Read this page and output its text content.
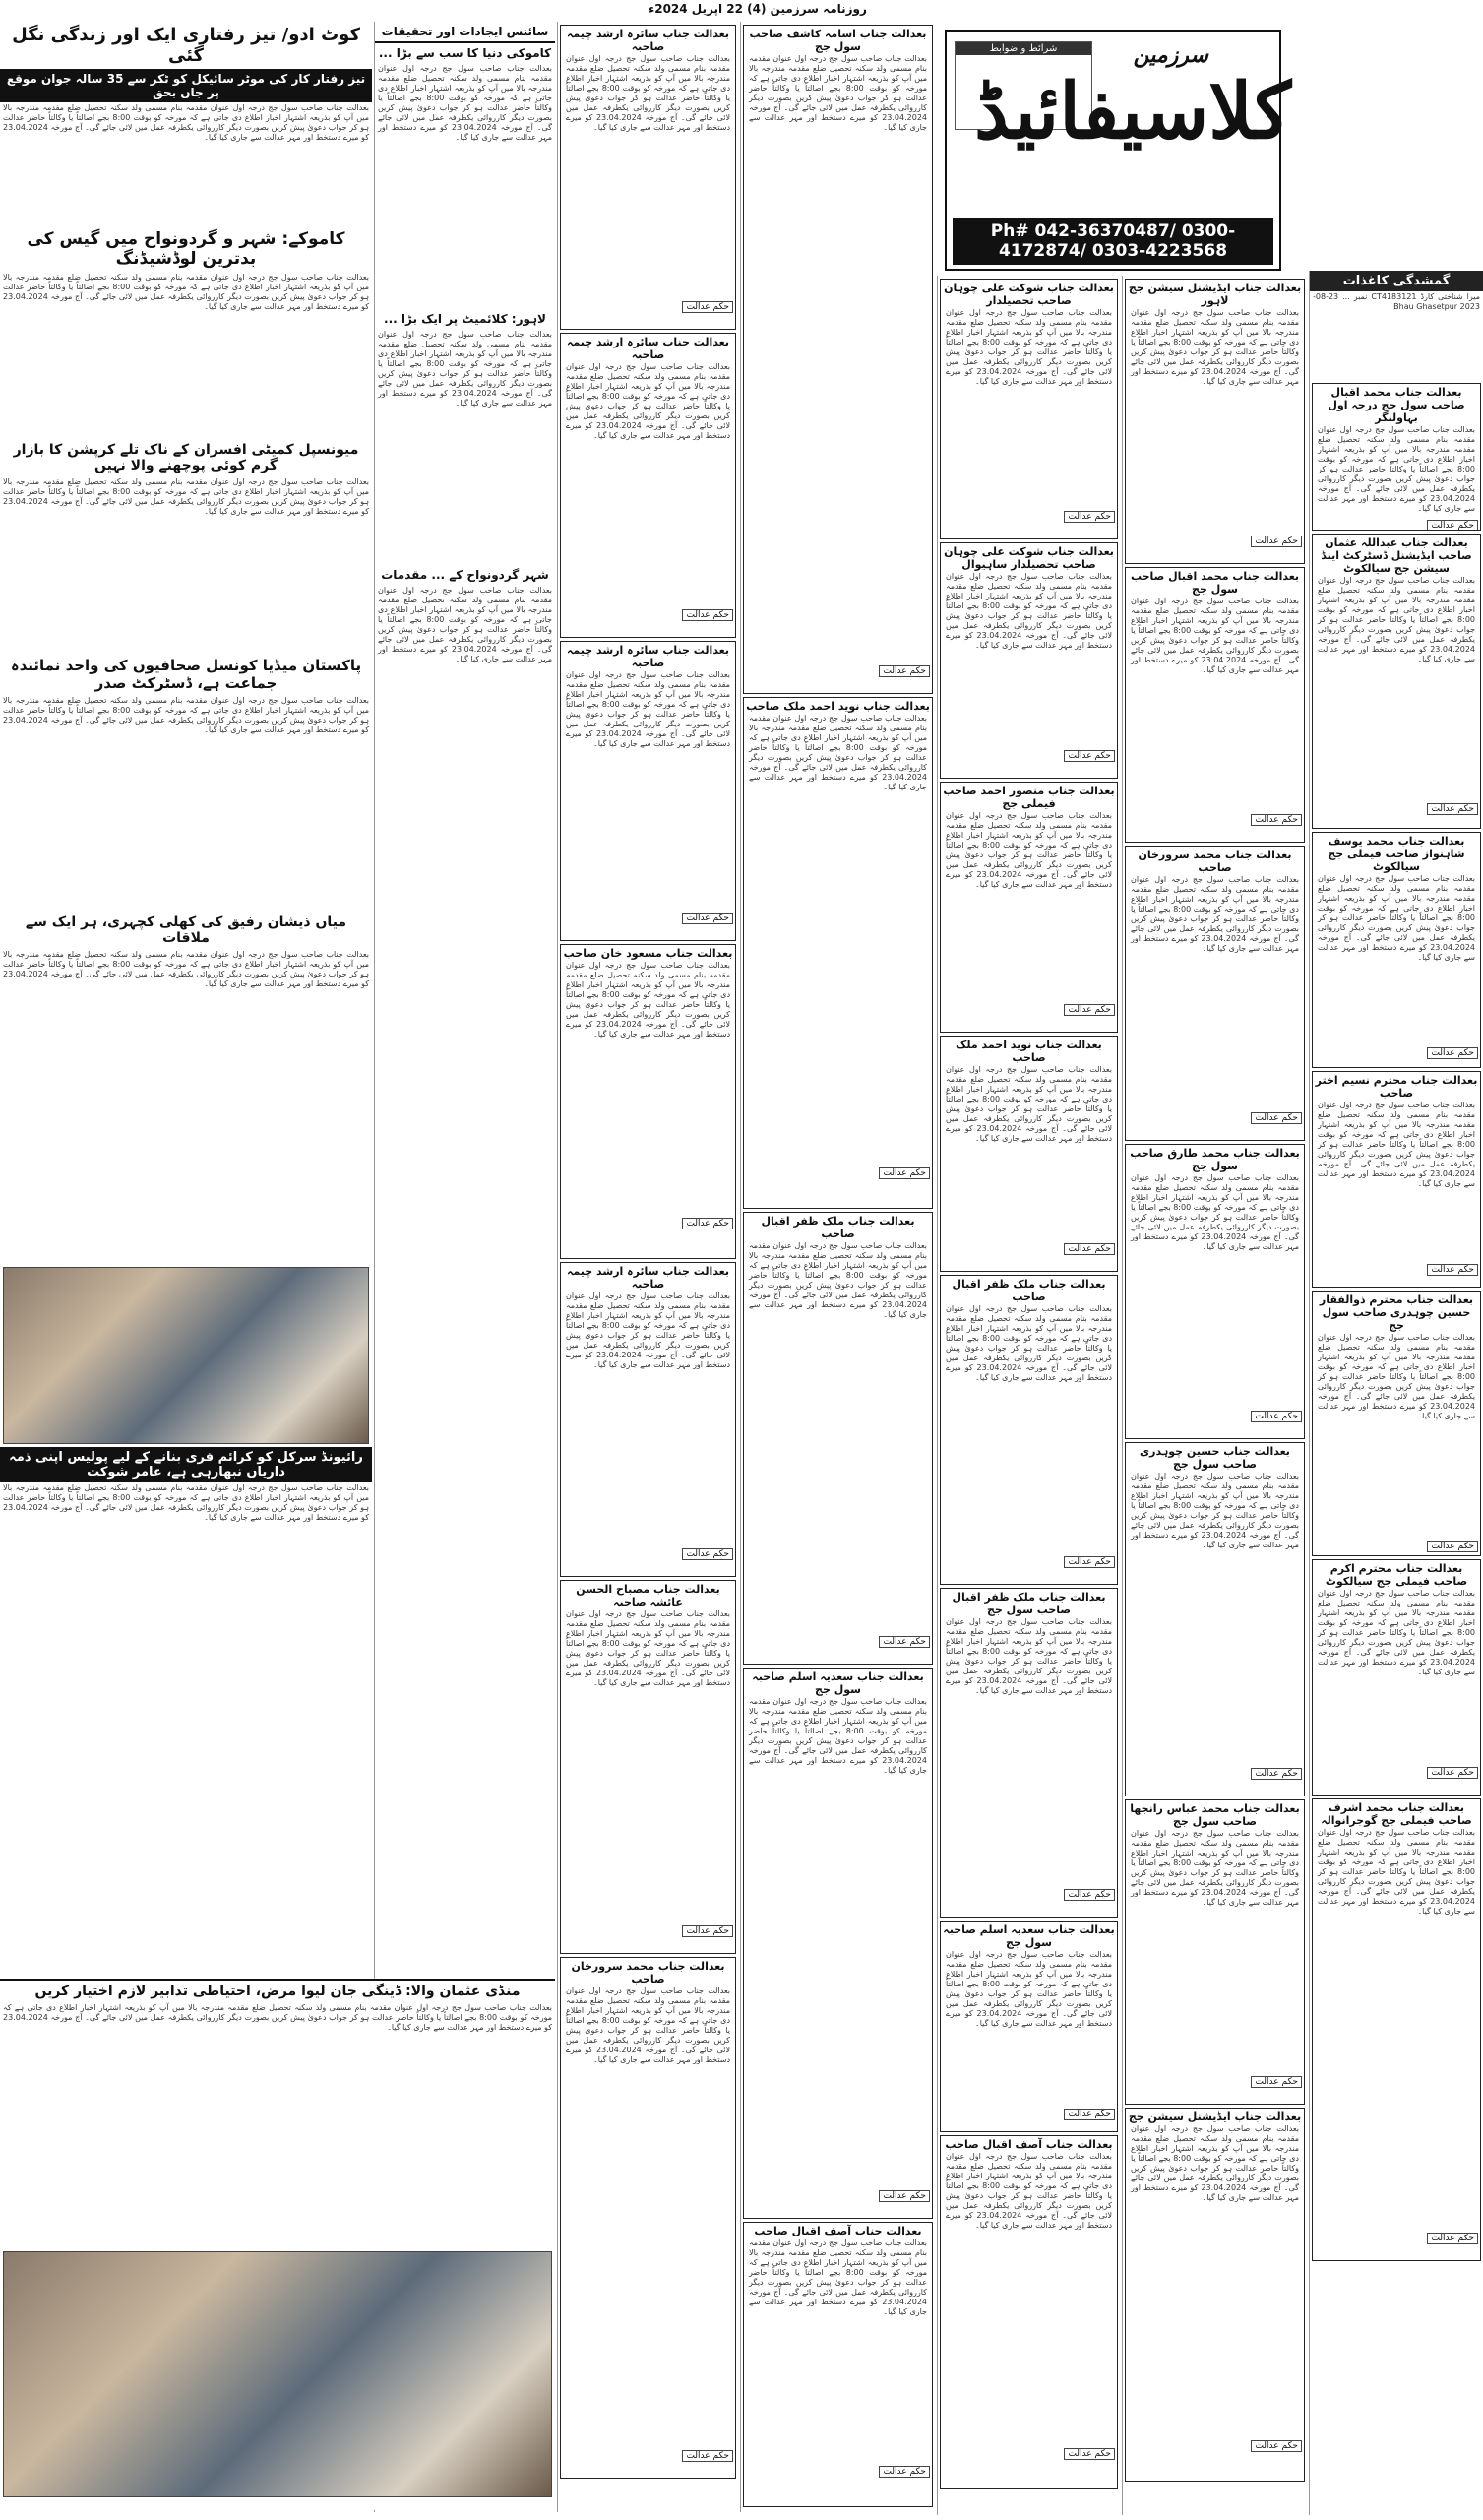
روزنامہ سرزمین (4) 22 اپریل 2024ء
شرائط و ضوابط	سرزمین
کلاسیفائیڈ
Ph# 042-36370487/ 0300-4172874/ 0303-4223568
گمشدگی کاغذات
میرا شناختی کارڈ CT4183121 نمبر ... 23-08-2023 Bhau Ghasetpur
بعدالت جناب محمد اقبال صاحب سول جج درجہ اول بہاولنگر
بعدالت جناب صاحب سول جج درجہ اول عنوان مقدمہ بنام مسمی ولد سکنہ تحصیل ضلع مقدمہ مندرجہ بالا میں آپ کو بذریعہ اشتہار اخبار اطلاع دی جاتی ہے کہ مورخہ کو بوقت 8:00 بجے اصالتاً یا وکالتاً حاضر عدالت ہو کر جواب دعویٰ پیش کریں بصورت دیگر کارروائی یکطرفہ عمل میں لائی جائے گی۔ آج مورخہ 23.04.2024 کو میرے دستخط اور مہر عدالت سے جاری کیا گیا۔
حکم عدالت
بعدالت جناب عبداللہ عثمان صاحب ایڈیشنل ڈسٹرکٹ اینڈ سیشن جج سیالکوٹ
بعدالت جناب صاحب سول جج درجہ اول عنوان مقدمہ بنام مسمی ولد سکنہ تحصیل ضلع مقدمہ مندرجہ بالا میں آپ کو بذریعہ اشتہار اخبار اطلاع دی جاتی ہے کہ مورخہ کو بوقت 8:00 بجے اصالتاً یا وکالتاً حاضر عدالت ہو کر جواب دعویٰ پیش کریں بصورت دیگر کارروائی یکطرفہ عمل میں لائی جائے گی۔ آج مورخہ 23.04.2024 کو میرے دستخط اور مہر عدالت سے جاری کیا گیا۔
حکم عدالت
بعدالت جناب محمد یوسف شاہنواز صاحب فیملی جج سیالکوٹ
بعدالت جناب صاحب سول جج درجہ اول عنوان مقدمہ بنام مسمی ولد سکنہ تحصیل ضلع مقدمہ مندرجہ بالا میں آپ کو بذریعہ اشتہار اخبار اطلاع دی جاتی ہے کہ مورخہ کو بوقت 8:00 بجے اصالتاً یا وکالتاً حاضر عدالت ہو کر جواب دعویٰ پیش کریں بصورت دیگر کارروائی یکطرفہ عمل میں لائی جائے گی۔ آج مورخہ 23.04.2024 کو میرے دستخط اور مہر عدالت سے جاری کیا گیا۔
حکم عدالت
بعدالت جناب محترم نسیم اختر صاحب
بعدالت جناب صاحب سول جج درجہ اول عنوان مقدمہ بنام مسمی ولد سکنہ تحصیل ضلع مقدمہ مندرجہ بالا میں آپ کو بذریعہ اشتہار اخبار اطلاع دی جاتی ہے کہ مورخہ کو بوقت 8:00 بجے اصالتاً یا وکالتاً حاضر عدالت ہو کر جواب دعویٰ پیش کریں بصورت دیگر کارروائی یکطرفہ عمل میں لائی جائے گی۔ آج مورخہ 23.04.2024 کو میرے دستخط اور مہر عدالت سے جاری کیا گیا۔
حکم عدالت
بعدالت جناب محترم ذوالفقار حسین چوہدری صاحب سول جج
بعدالت جناب صاحب سول جج درجہ اول عنوان مقدمہ بنام مسمی ولد سکنہ تحصیل ضلع مقدمہ مندرجہ بالا میں آپ کو بذریعہ اشتہار اخبار اطلاع دی جاتی ہے کہ مورخہ کو بوقت 8:00 بجے اصالتاً یا وکالتاً حاضر عدالت ہو کر جواب دعویٰ پیش کریں بصورت دیگر کارروائی یکطرفہ عمل میں لائی جائے گی۔ آج مورخہ 23.04.2024 کو میرے دستخط اور مہر عدالت سے جاری کیا گیا۔
حکم عدالت
بعدالت جناب محترم اکرم صاحب فیملی جج سیالکوٹ
بعدالت جناب صاحب سول جج درجہ اول عنوان مقدمہ بنام مسمی ولد سکنہ تحصیل ضلع مقدمہ مندرجہ بالا میں آپ کو بذریعہ اشتہار اخبار اطلاع دی جاتی ہے کہ مورخہ کو بوقت 8:00 بجے اصالتاً یا وکالتاً حاضر عدالت ہو کر جواب دعویٰ پیش کریں بصورت دیگر کارروائی یکطرفہ عمل میں لائی جائے گی۔ آج مورخہ 23.04.2024 کو میرے دستخط اور مہر عدالت سے جاری کیا گیا۔
حکم عدالت
بعدالت جناب محمد اشرف صاحب فیملی جج گوجرانوالہ
بعدالت جناب صاحب سول جج درجہ اول عنوان مقدمہ بنام مسمی ولد سکنہ تحصیل ضلع مقدمہ مندرجہ بالا میں آپ کو بذریعہ اشتہار اخبار اطلاع دی جاتی ہے کہ مورخہ کو بوقت 8:00 بجے اصالتاً یا وکالتاً حاضر عدالت ہو کر جواب دعویٰ پیش کریں بصورت دیگر کارروائی یکطرفہ عمل میں لائی جائے گی۔ آج مورخہ 23.04.2024 کو میرے دستخط اور مہر عدالت سے جاری کیا گیا۔
حکم عدالت
بعدالت جناب ایڈیشنل سیشن جج لاہور
بعدالت جناب صاحب سول جج درجہ اول عنوان مقدمہ بنام مسمی ولد سکنہ تحصیل ضلع مقدمہ مندرجہ بالا میں آپ کو بذریعہ اشتہار اخبار اطلاع دی جاتی ہے کہ مورخہ کو بوقت 8:00 بجے اصالتاً یا وکالتاً حاضر عدالت ہو کر جواب دعویٰ پیش کریں بصورت دیگر کارروائی یکطرفہ عمل میں لائی جائے گی۔ آج مورخہ 23.04.2024 کو میرے دستخط اور مہر عدالت سے جاری کیا گیا۔
حکم عدالت
بعدالت جناب محمد اقبال صاحب سول جج
بعدالت جناب صاحب سول جج درجہ اول عنوان مقدمہ بنام مسمی ولد سکنہ تحصیل ضلع مقدمہ مندرجہ بالا میں آپ کو بذریعہ اشتہار اخبار اطلاع دی جاتی ہے کہ مورخہ کو بوقت 8:00 بجے اصالتاً یا وکالتاً حاضر عدالت ہو کر جواب دعویٰ پیش کریں بصورت دیگر کارروائی یکطرفہ عمل میں لائی جائے گی۔ آج مورخہ 23.04.2024 کو میرے دستخط اور مہر عدالت سے جاری کیا گیا۔
حکم عدالت
بعدالت جناب محمد سرورخان صاحب
بعدالت جناب صاحب سول جج درجہ اول عنوان مقدمہ بنام مسمی ولد سکنہ تحصیل ضلع مقدمہ مندرجہ بالا میں آپ کو بذریعہ اشتہار اخبار اطلاع دی جاتی ہے کہ مورخہ کو بوقت 8:00 بجے اصالتاً یا وکالتاً حاضر عدالت ہو کر جواب دعویٰ پیش کریں بصورت دیگر کارروائی یکطرفہ عمل میں لائی جائے گی۔ آج مورخہ 23.04.2024 کو میرے دستخط اور مہر عدالت سے جاری کیا گیا۔
حکم عدالت
بعدالت جناب محمد طارق صاحب سول جج
بعدالت جناب صاحب سول جج درجہ اول عنوان مقدمہ بنام مسمی ولد سکنہ تحصیل ضلع مقدمہ مندرجہ بالا میں آپ کو بذریعہ اشتہار اخبار اطلاع دی جاتی ہے کہ مورخہ کو بوقت 8:00 بجے اصالتاً یا وکالتاً حاضر عدالت ہو کر جواب دعویٰ پیش کریں بصورت دیگر کارروائی یکطرفہ عمل میں لائی جائے گی۔ آج مورخہ 23.04.2024 کو میرے دستخط اور مہر عدالت سے جاری کیا گیا۔
حکم عدالت
بعدالت جناب حسین چوہدری صاحب سول جج
بعدالت جناب صاحب سول جج درجہ اول عنوان مقدمہ بنام مسمی ولد سکنہ تحصیل ضلع مقدمہ مندرجہ بالا میں آپ کو بذریعہ اشتہار اخبار اطلاع دی جاتی ہے کہ مورخہ کو بوقت 8:00 بجے اصالتاً یا وکالتاً حاضر عدالت ہو کر جواب دعویٰ پیش کریں بصورت دیگر کارروائی یکطرفہ عمل میں لائی جائے گی۔ آج مورخہ 23.04.2024 کو میرے دستخط اور مہر عدالت سے جاری کیا گیا۔
حکم عدالت
بعدالت جناب محمد عباس رانجھا صاحب سول جج
بعدالت جناب صاحب سول جج درجہ اول عنوان مقدمہ بنام مسمی ولد سکنہ تحصیل ضلع مقدمہ مندرجہ بالا میں آپ کو بذریعہ اشتہار اخبار اطلاع دی جاتی ہے کہ مورخہ کو بوقت 8:00 بجے اصالتاً یا وکالتاً حاضر عدالت ہو کر جواب دعویٰ پیش کریں بصورت دیگر کارروائی یکطرفہ عمل میں لائی جائے گی۔ آج مورخہ 23.04.2024 کو میرے دستخط اور مہر عدالت سے جاری کیا گیا۔
حکم عدالت
بعدالت جناب ایڈیشنل سیشن جج
بعدالت جناب صاحب سول جج درجہ اول عنوان مقدمہ بنام مسمی ولد سکنہ تحصیل ضلع مقدمہ مندرجہ بالا میں آپ کو بذریعہ اشتہار اخبار اطلاع دی جاتی ہے کہ مورخہ کو بوقت 8:00 بجے اصالتاً یا وکالتاً حاضر عدالت ہو کر جواب دعویٰ پیش کریں بصورت دیگر کارروائی یکطرفہ عمل میں لائی جائے گی۔ آج مورخہ 23.04.2024 کو میرے دستخط اور مہر عدالت سے جاری کیا گیا۔
حکم عدالت
بعدالت جناب شوکت علی چوہان صاحب تحصیلدار
بعدالت جناب صاحب سول جج درجہ اول عنوان مقدمہ بنام مسمی ولد سکنہ تحصیل ضلع مقدمہ مندرجہ بالا میں آپ کو بذریعہ اشتہار اخبار اطلاع دی جاتی ہے کہ مورخہ کو بوقت 8:00 بجے اصالتاً یا وکالتاً حاضر عدالت ہو کر جواب دعویٰ پیش کریں بصورت دیگر کارروائی یکطرفہ عمل میں لائی جائے گی۔ آج مورخہ 23.04.2024 کو میرے دستخط اور مہر عدالت سے جاری کیا گیا۔
حکم عدالت
بعدالت جناب شوکت علی چوہان صاحب تحصیلدار ساہیوال
بعدالت جناب صاحب سول جج درجہ اول عنوان مقدمہ بنام مسمی ولد سکنہ تحصیل ضلع مقدمہ مندرجہ بالا میں آپ کو بذریعہ اشتہار اخبار اطلاع دی جاتی ہے کہ مورخہ کو بوقت 8:00 بجے اصالتاً یا وکالتاً حاضر عدالت ہو کر جواب دعویٰ پیش کریں بصورت دیگر کارروائی یکطرفہ عمل میں لائی جائے گی۔ آج مورخہ 23.04.2024 کو میرے دستخط اور مہر عدالت سے جاری کیا گیا۔
حکم عدالت
بعدالت جناب منصور احمد صاحب فیملی جج
بعدالت جناب صاحب سول جج درجہ اول عنوان مقدمہ بنام مسمی ولد سکنہ تحصیل ضلع مقدمہ مندرجہ بالا میں آپ کو بذریعہ اشتہار اخبار اطلاع دی جاتی ہے کہ مورخہ کو بوقت 8:00 بجے اصالتاً یا وکالتاً حاضر عدالت ہو کر جواب دعویٰ پیش کریں بصورت دیگر کارروائی یکطرفہ عمل میں لائی جائے گی۔ آج مورخہ 23.04.2024 کو میرے دستخط اور مہر عدالت سے جاری کیا گیا۔
حکم عدالت
بعدالت جناب نوید احمد ملک صاحب
بعدالت جناب صاحب سول جج درجہ اول عنوان مقدمہ بنام مسمی ولد سکنہ تحصیل ضلع مقدمہ مندرجہ بالا میں آپ کو بذریعہ اشتہار اخبار اطلاع دی جاتی ہے کہ مورخہ کو بوقت 8:00 بجے اصالتاً یا وکالتاً حاضر عدالت ہو کر جواب دعویٰ پیش کریں بصورت دیگر کارروائی یکطرفہ عمل میں لائی جائے گی۔ آج مورخہ 23.04.2024 کو میرے دستخط اور مہر عدالت سے جاری کیا گیا۔
حکم عدالت
بعدالت جناب ملک ظفر اقبال صاحب
بعدالت جناب صاحب سول جج درجہ اول عنوان مقدمہ بنام مسمی ولد سکنہ تحصیل ضلع مقدمہ مندرجہ بالا میں آپ کو بذریعہ اشتہار اخبار اطلاع دی جاتی ہے کہ مورخہ کو بوقت 8:00 بجے اصالتاً یا وکالتاً حاضر عدالت ہو کر جواب دعویٰ پیش کریں بصورت دیگر کارروائی یکطرفہ عمل میں لائی جائے گی۔ آج مورخہ 23.04.2024 کو میرے دستخط اور مہر عدالت سے جاری کیا گیا۔
حکم عدالت
بعدالت جناب ملک ظفر اقبال صاحب سول جج
بعدالت جناب صاحب سول جج درجہ اول عنوان مقدمہ بنام مسمی ولد سکنہ تحصیل ضلع مقدمہ مندرجہ بالا میں آپ کو بذریعہ اشتہار اخبار اطلاع دی جاتی ہے کہ مورخہ کو بوقت 8:00 بجے اصالتاً یا وکالتاً حاضر عدالت ہو کر جواب دعویٰ پیش کریں بصورت دیگر کارروائی یکطرفہ عمل میں لائی جائے گی۔ آج مورخہ 23.04.2024 کو میرے دستخط اور مہر عدالت سے جاری کیا گیا۔
حکم عدالت
بعدالت جناب سعدیہ اسلم صاحبہ سول جج
بعدالت جناب صاحب سول جج درجہ اول عنوان مقدمہ بنام مسمی ولد سکنہ تحصیل ضلع مقدمہ مندرجہ بالا میں آپ کو بذریعہ اشتہار اخبار اطلاع دی جاتی ہے کہ مورخہ کو بوقت 8:00 بجے اصالتاً یا وکالتاً حاضر عدالت ہو کر جواب دعویٰ پیش کریں بصورت دیگر کارروائی یکطرفہ عمل میں لائی جائے گی۔ آج مورخہ 23.04.2024 کو میرے دستخط اور مہر عدالت سے جاری کیا گیا۔
حکم عدالت
بعدالت جناب آصف اقبال صاحب
بعدالت جناب صاحب سول جج درجہ اول عنوان مقدمہ بنام مسمی ولد سکنہ تحصیل ضلع مقدمہ مندرجہ بالا میں آپ کو بذریعہ اشتہار اخبار اطلاع دی جاتی ہے کہ مورخہ کو بوقت 8:00 بجے اصالتاً یا وکالتاً حاضر عدالت ہو کر جواب دعویٰ پیش کریں بصورت دیگر کارروائی یکطرفہ عمل میں لائی جائے گی۔ آج مورخہ 23.04.2024 کو میرے دستخط اور مہر عدالت سے جاری کیا گیا۔
حکم عدالت
بعدالت جناب اسامہ کاشف صاحب سول جج
بعدالت جناب صاحب سول جج درجہ اول عنوان مقدمہ بنام مسمی ولد سکنہ تحصیل ضلع مقدمہ مندرجہ بالا میں آپ کو بذریعہ اشتہار اخبار اطلاع دی جاتی ہے کہ مورخہ کو بوقت 8:00 بجے اصالتاً یا وکالتاً حاضر عدالت ہو کر جواب دعویٰ پیش کریں بصورت دیگر کارروائی یکطرفہ عمل میں لائی جائے گی۔ آج مورخہ 23.04.2024 کو میرے دستخط اور مہر عدالت سے جاری کیا گیا۔
حکم عدالت
بعدالت جناب نوید احمد ملک صاحب
بعدالت جناب صاحب سول جج درجہ اول عنوان مقدمہ بنام مسمی ولد سکنہ تحصیل ضلع مقدمہ مندرجہ بالا میں آپ کو بذریعہ اشتہار اخبار اطلاع دی جاتی ہے کہ مورخہ کو بوقت 8:00 بجے اصالتاً یا وکالتاً حاضر عدالت ہو کر جواب دعویٰ پیش کریں بصورت دیگر کارروائی یکطرفہ عمل میں لائی جائے گی۔ آج مورخہ 23.04.2024 کو میرے دستخط اور مہر عدالت سے جاری کیا گیا۔
حکم عدالت
بعدالت جناب ملک ظفر اقبال صاحب
بعدالت جناب صاحب سول جج درجہ اول عنوان مقدمہ بنام مسمی ولد سکنہ تحصیل ضلع مقدمہ مندرجہ بالا میں آپ کو بذریعہ اشتہار اخبار اطلاع دی جاتی ہے کہ مورخہ کو بوقت 8:00 بجے اصالتاً یا وکالتاً حاضر عدالت ہو کر جواب دعویٰ پیش کریں بصورت دیگر کارروائی یکطرفہ عمل میں لائی جائے گی۔ آج مورخہ 23.04.2024 کو میرے دستخط اور مہر عدالت سے جاری کیا گیا۔
حکم عدالت
بعدالت جناب سعدیہ اسلم صاحبہ سول جج
بعدالت جناب صاحب سول جج درجہ اول عنوان مقدمہ بنام مسمی ولد سکنہ تحصیل ضلع مقدمہ مندرجہ بالا میں آپ کو بذریعہ اشتہار اخبار اطلاع دی جاتی ہے کہ مورخہ کو بوقت 8:00 بجے اصالتاً یا وکالتاً حاضر عدالت ہو کر جواب دعویٰ پیش کریں بصورت دیگر کارروائی یکطرفہ عمل میں لائی جائے گی۔ آج مورخہ 23.04.2024 کو میرے دستخط اور مہر عدالت سے جاری کیا گیا۔
حکم عدالت
بعدالت جناب آصف اقبال صاحب
بعدالت جناب صاحب سول جج درجہ اول عنوان مقدمہ بنام مسمی ولد سکنہ تحصیل ضلع مقدمہ مندرجہ بالا میں آپ کو بذریعہ اشتہار اخبار اطلاع دی جاتی ہے کہ مورخہ کو بوقت 8:00 بجے اصالتاً یا وکالتاً حاضر عدالت ہو کر جواب دعویٰ پیش کریں بصورت دیگر کارروائی یکطرفہ عمل میں لائی جائے گی۔ آج مورخہ 23.04.2024 کو میرے دستخط اور مہر عدالت سے جاری کیا گیا۔
حکم عدالت
بعدالت جناب سائرہ ارشد چیمہ صاحبہ
بعدالت جناب صاحب سول جج درجہ اول عنوان مقدمہ بنام مسمی ولد سکنہ تحصیل ضلع مقدمہ مندرجہ بالا میں آپ کو بذریعہ اشتہار اخبار اطلاع دی جاتی ہے کہ مورخہ کو بوقت 8:00 بجے اصالتاً یا وکالتاً حاضر عدالت ہو کر جواب دعویٰ پیش کریں بصورت دیگر کارروائی یکطرفہ عمل میں لائی جائے گی۔ آج مورخہ 23.04.2024 کو میرے دستخط اور مہر عدالت سے جاری کیا گیا۔
حکم عدالت
بعدالت جناب سائرہ ارشد چیمہ صاحبہ
بعدالت جناب صاحب سول جج درجہ اول عنوان مقدمہ بنام مسمی ولد سکنہ تحصیل ضلع مقدمہ مندرجہ بالا میں آپ کو بذریعہ اشتہار اخبار اطلاع دی جاتی ہے کہ مورخہ کو بوقت 8:00 بجے اصالتاً یا وکالتاً حاضر عدالت ہو کر جواب دعویٰ پیش کریں بصورت دیگر کارروائی یکطرفہ عمل میں لائی جائے گی۔ آج مورخہ 23.04.2024 کو میرے دستخط اور مہر عدالت سے جاری کیا گیا۔
حکم عدالت
بعدالت جناب سائرہ ارشد چیمہ صاحبہ
بعدالت جناب صاحب سول جج درجہ اول عنوان مقدمہ بنام مسمی ولد سکنہ تحصیل ضلع مقدمہ مندرجہ بالا میں آپ کو بذریعہ اشتہار اخبار اطلاع دی جاتی ہے کہ مورخہ کو بوقت 8:00 بجے اصالتاً یا وکالتاً حاضر عدالت ہو کر جواب دعویٰ پیش کریں بصورت دیگر کارروائی یکطرفہ عمل میں لائی جائے گی۔ آج مورخہ 23.04.2024 کو میرے دستخط اور مہر عدالت سے جاری کیا گیا۔
حکم عدالت
بعدالت جناب مسعود خان صاحب
بعدالت جناب صاحب سول جج درجہ اول عنوان مقدمہ بنام مسمی ولد سکنہ تحصیل ضلع مقدمہ مندرجہ بالا میں آپ کو بذریعہ اشتہار اخبار اطلاع دی جاتی ہے کہ مورخہ کو بوقت 8:00 بجے اصالتاً یا وکالتاً حاضر عدالت ہو کر جواب دعویٰ پیش کریں بصورت دیگر کارروائی یکطرفہ عمل میں لائی جائے گی۔ آج مورخہ 23.04.2024 کو میرے دستخط اور مہر عدالت سے جاری کیا گیا۔
حکم عدالت
بعدالت جناب سائرہ ارشد چیمہ صاحبہ
بعدالت جناب صاحب سول جج درجہ اول عنوان مقدمہ بنام مسمی ولد سکنہ تحصیل ضلع مقدمہ مندرجہ بالا میں آپ کو بذریعہ اشتہار اخبار اطلاع دی جاتی ہے کہ مورخہ کو بوقت 8:00 بجے اصالتاً یا وکالتاً حاضر عدالت ہو کر جواب دعویٰ پیش کریں بصورت دیگر کارروائی یکطرفہ عمل میں لائی جائے گی۔ آج مورخہ 23.04.2024 کو میرے دستخط اور مہر عدالت سے جاری کیا گیا۔
حکم عدالت
بعدالت جناب مصباح الحسن عائشہ صاحبہ
بعدالت جناب صاحب سول جج درجہ اول عنوان مقدمہ بنام مسمی ولد سکنہ تحصیل ضلع مقدمہ مندرجہ بالا میں آپ کو بذریعہ اشتہار اخبار اطلاع دی جاتی ہے کہ مورخہ کو بوقت 8:00 بجے اصالتاً یا وکالتاً حاضر عدالت ہو کر جواب دعویٰ پیش کریں بصورت دیگر کارروائی یکطرفہ عمل میں لائی جائے گی۔ آج مورخہ 23.04.2024 کو میرے دستخط اور مہر عدالت سے جاری کیا گیا۔
حکم عدالت
بعدالت جناب محمد سرورخان صاحب
بعدالت جناب صاحب سول جج درجہ اول عنوان مقدمہ بنام مسمی ولد سکنہ تحصیل ضلع مقدمہ مندرجہ بالا میں آپ کو بذریعہ اشتہار اخبار اطلاع دی جاتی ہے کہ مورخہ کو بوقت 8:00 بجے اصالتاً یا وکالتاً حاضر عدالت ہو کر جواب دعویٰ پیش کریں بصورت دیگر کارروائی یکطرفہ عمل میں لائی جائے گی۔ آج مورخہ 23.04.2024 کو میرے دستخط اور مہر عدالت سے جاری کیا گیا۔
حکم عدالت
سائنس ایجادات اور تحقیقات
کاموکی دنیا کا سب سے بڑا ...
بعدالت جناب صاحب سول جج درجہ اول عنوان مقدمہ بنام مسمی ولد سکنہ تحصیل ضلع مقدمہ مندرجہ بالا میں آپ کو بذریعہ اشتہار اخبار اطلاع دی جاتی ہے کہ مورخہ کو بوقت 8:00 بجے اصالتاً یا وکالتاً حاضر عدالت ہو کر جواب دعویٰ پیش کریں بصورت دیگر کارروائی یکطرفہ عمل میں لائی جائے گی۔ آج مورخہ 23.04.2024 کو میرے دستخط اور مہر عدالت سے جاری کیا گیا۔
لاہور: کلائمیٹ پر ایک بڑا ...
بعدالت جناب صاحب سول جج درجہ اول عنوان مقدمہ بنام مسمی ولد سکنہ تحصیل ضلع مقدمہ مندرجہ بالا میں آپ کو بذریعہ اشتہار اخبار اطلاع دی جاتی ہے کہ مورخہ کو بوقت 8:00 بجے اصالتاً یا وکالتاً حاضر عدالت ہو کر جواب دعویٰ پیش کریں بصورت دیگر کارروائی یکطرفہ عمل میں لائی جائے گی۔ آج مورخہ 23.04.2024 کو میرے دستخط اور مہر عدالت سے جاری کیا گیا۔
شہر گردونواح کے ... مقدمات
بعدالت جناب صاحب سول جج درجہ اول عنوان مقدمہ بنام مسمی ولد سکنہ تحصیل ضلع مقدمہ مندرجہ بالا میں آپ کو بذریعہ اشتہار اخبار اطلاع دی جاتی ہے کہ مورخہ کو بوقت 8:00 بجے اصالتاً یا وکالتاً حاضر عدالت ہو کر جواب دعویٰ پیش کریں بصورت دیگر کارروائی یکطرفہ عمل میں لائی جائے گی۔ آج مورخہ 23.04.2024 کو میرے دستخط اور مہر عدالت سے جاری کیا گیا۔
کوٹ ادو/ تیز رفتاری ایک اور زندگی نگل گئی
تیز رفتار کار کی موٹر سائیکل کو ٹکر سے 35 سالہ جوان موقع پر جاں بحق
بعدالت جناب صاحب سول جج درجہ اول عنوان مقدمہ بنام مسمی ولد سکنہ تحصیل ضلع مقدمہ مندرجہ بالا میں آپ کو بذریعہ اشتہار اخبار اطلاع دی جاتی ہے کہ مورخہ کو بوقت 8:00 بجے اصالتاً یا وکالتاً حاضر عدالت ہو کر جواب دعویٰ پیش کریں بصورت دیگر کارروائی یکطرفہ عمل میں لائی جائے گی۔ آج مورخہ 23.04.2024 کو میرے دستخط اور مہر عدالت سے جاری کیا گیا۔
کاموکے: شہر و گردونواح میں گیس کی بدترین لوڈشیڈنگ
بعدالت جناب صاحب سول جج درجہ اول عنوان مقدمہ بنام مسمی ولد سکنہ تحصیل ضلع مقدمہ مندرجہ بالا میں آپ کو بذریعہ اشتہار اخبار اطلاع دی جاتی ہے کہ مورخہ کو بوقت 8:00 بجے اصالتاً یا وکالتاً حاضر عدالت ہو کر جواب دعویٰ پیش کریں بصورت دیگر کارروائی یکطرفہ عمل میں لائی جائے گی۔ آج مورخہ 23.04.2024 کو میرے دستخط اور مہر عدالت سے جاری کیا گیا۔
میونسپل کمیٹی افسران کے ناک تلے کرپشن کا بازار گرم کوئی پوچھنے والا نہیں
بعدالت جناب صاحب سول جج درجہ اول عنوان مقدمہ بنام مسمی ولد سکنہ تحصیل ضلع مقدمہ مندرجہ بالا میں آپ کو بذریعہ اشتہار اخبار اطلاع دی جاتی ہے کہ مورخہ کو بوقت 8:00 بجے اصالتاً یا وکالتاً حاضر عدالت ہو کر جواب دعویٰ پیش کریں بصورت دیگر کارروائی یکطرفہ عمل میں لائی جائے گی۔ آج مورخہ 23.04.2024 کو میرے دستخط اور مہر عدالت سے جاری کیا گیا۔
پاکستان میڈیا کونسل صحافیوں کی واحد نمائندہ جماعت ہے، ڈسٹرکٹ صدر
بعدالت جناب صاحب سول جج درجہ اول عنوان مقدمہ بنام مسمی ولد سکنہ تحصیل ضلع مقدمہ مندرجہ بالا میں آپ کو بذریعہ اشتہار اخبار اطلاع دی جاتی ہے کہ مورخہ کو بوقت 8:00 بجے اصالتاً یا وکالتاً حاضر عدالت ہو کر جواب دعویٰ پیش کریں بصورت دیگر کارروائی یکطرفہ عمل میں لائی جائے گی۔ آج مورخہ 23.04.2024 کو میرے دستخط اور مہر عدالت سے جاری کیا گیا۔
میاں ذیشان رفیق کی کھلی کچہری، ہر ایک سے ملاقات
بعدالت جناب صاحب سول جج درجہ اول عنوان مقدمہ بنام مسمی ولد سکنہ تحصیل ضلع مقدمہ مندرجہ بالا میں آپ کو بذریعہ اشتہار اخبار اطلاع دی جاتی ہے کہ مورخہ کو بوقت 8:00 بجے اصالتاً یا وکالتاً حاضر عدالت ہو کر جواب دعویٰ پیش کریں بصورت دیگر کارروائی یکطرفہ عمل میں لائی جائے گی۔ آج مورخہ 23.04.2024 کو میرے دستخط اور مہر عدالت سے جاری کیا گیا۔
رائیونڈ سرکل کو کرائم فری بنانے کے لیے پولیس اپنی ذمہ داریاں نبھارہی ہے، عامر شوکت
بعدالت جناب صاحب سول جج درجہ اول عنوان مقدمہ بنام مسمی ولد سکنہ تحصیل ضلع مقدمہ مندرجہ بالا میں آپ کو بذریعہ اشتہار اخبار اطلاع دی جاتی ہے کہ مورخہ کو بوقت 8:00 بجے اصالتاً یا وکالتاً حاضر عدالت ہو کر جواب دعویٰ پیش کریں بصورت دیگر کارروائی یکطرفہ عمل میں لائی جائے گی۔ آج مورخہ 23.04.2024 کو میرے دستخط اور مہر عدالت سے جاری کیا گیا۔
منڈی عثمان والا: ڈینگی جان لیوا مرض، احتیاطی تدابیر لازم اختیار کریں
بعدالت جناب صاحب سول جج درجہ اول عنوان مقدمہ بنام مسمی ولد سکنہ تحصیل ضلع مقدمہ مندرجہ بالا میں آپ کو بذریعہ اشتہار اخبار اطلاع دی جاتی ہے کہ مورخہ کو بوقت 8:00 بجے اصالتاً یا وکالتاً حاضر عدالت ہو کر جواب دعویٰ پیش کریں بصورت دیگر کارروائی یکطرفہ عمل میں لائی جائے گی۔ آج مورخہ 23.04.2024 کو میرے دستخط اور مہر عدالت سے جاری کیا گیا۔
